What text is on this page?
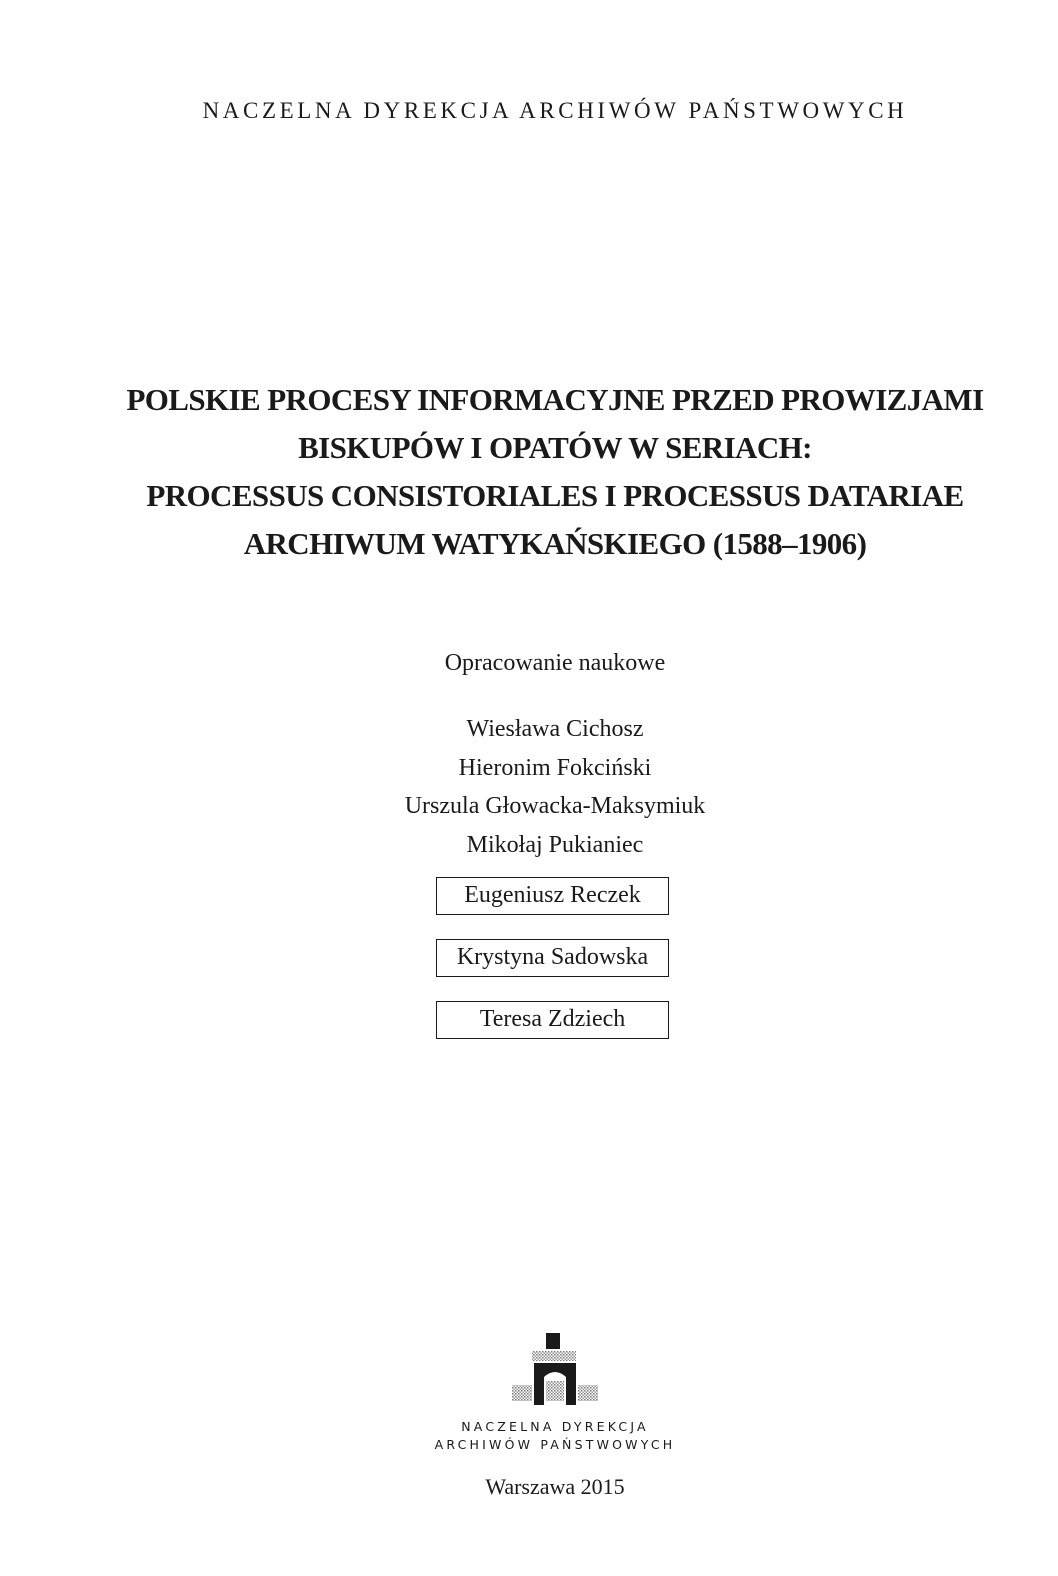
NACZELNA DYREKCJA ARCHIWÓW PAŃSTWOWYCH
POLSKIE PROCESY INFORMACYJNE PRZED PROWIZJAMI
BISKUPÓW I OPATÓW W SERIACH:
PROCESSUS CONSISTORIALES I PROCESSUS DATARIAE
ARCHIWUM WATYKAŃSKIEGO (1588–1906)
Opracowanie naukowe
Wiesława Cichosz
Hieronim Fokciński
Urszula Głowacka-Maksymiuk
Mikołaj Pukianiec
Eugeniusz Reczek
Krystyna Sadowska
Teresa Zdziech
NACZELNA DYREKCJA
ARCHIWÓW PAŃSTWOWYCH
Warszawa 2015
